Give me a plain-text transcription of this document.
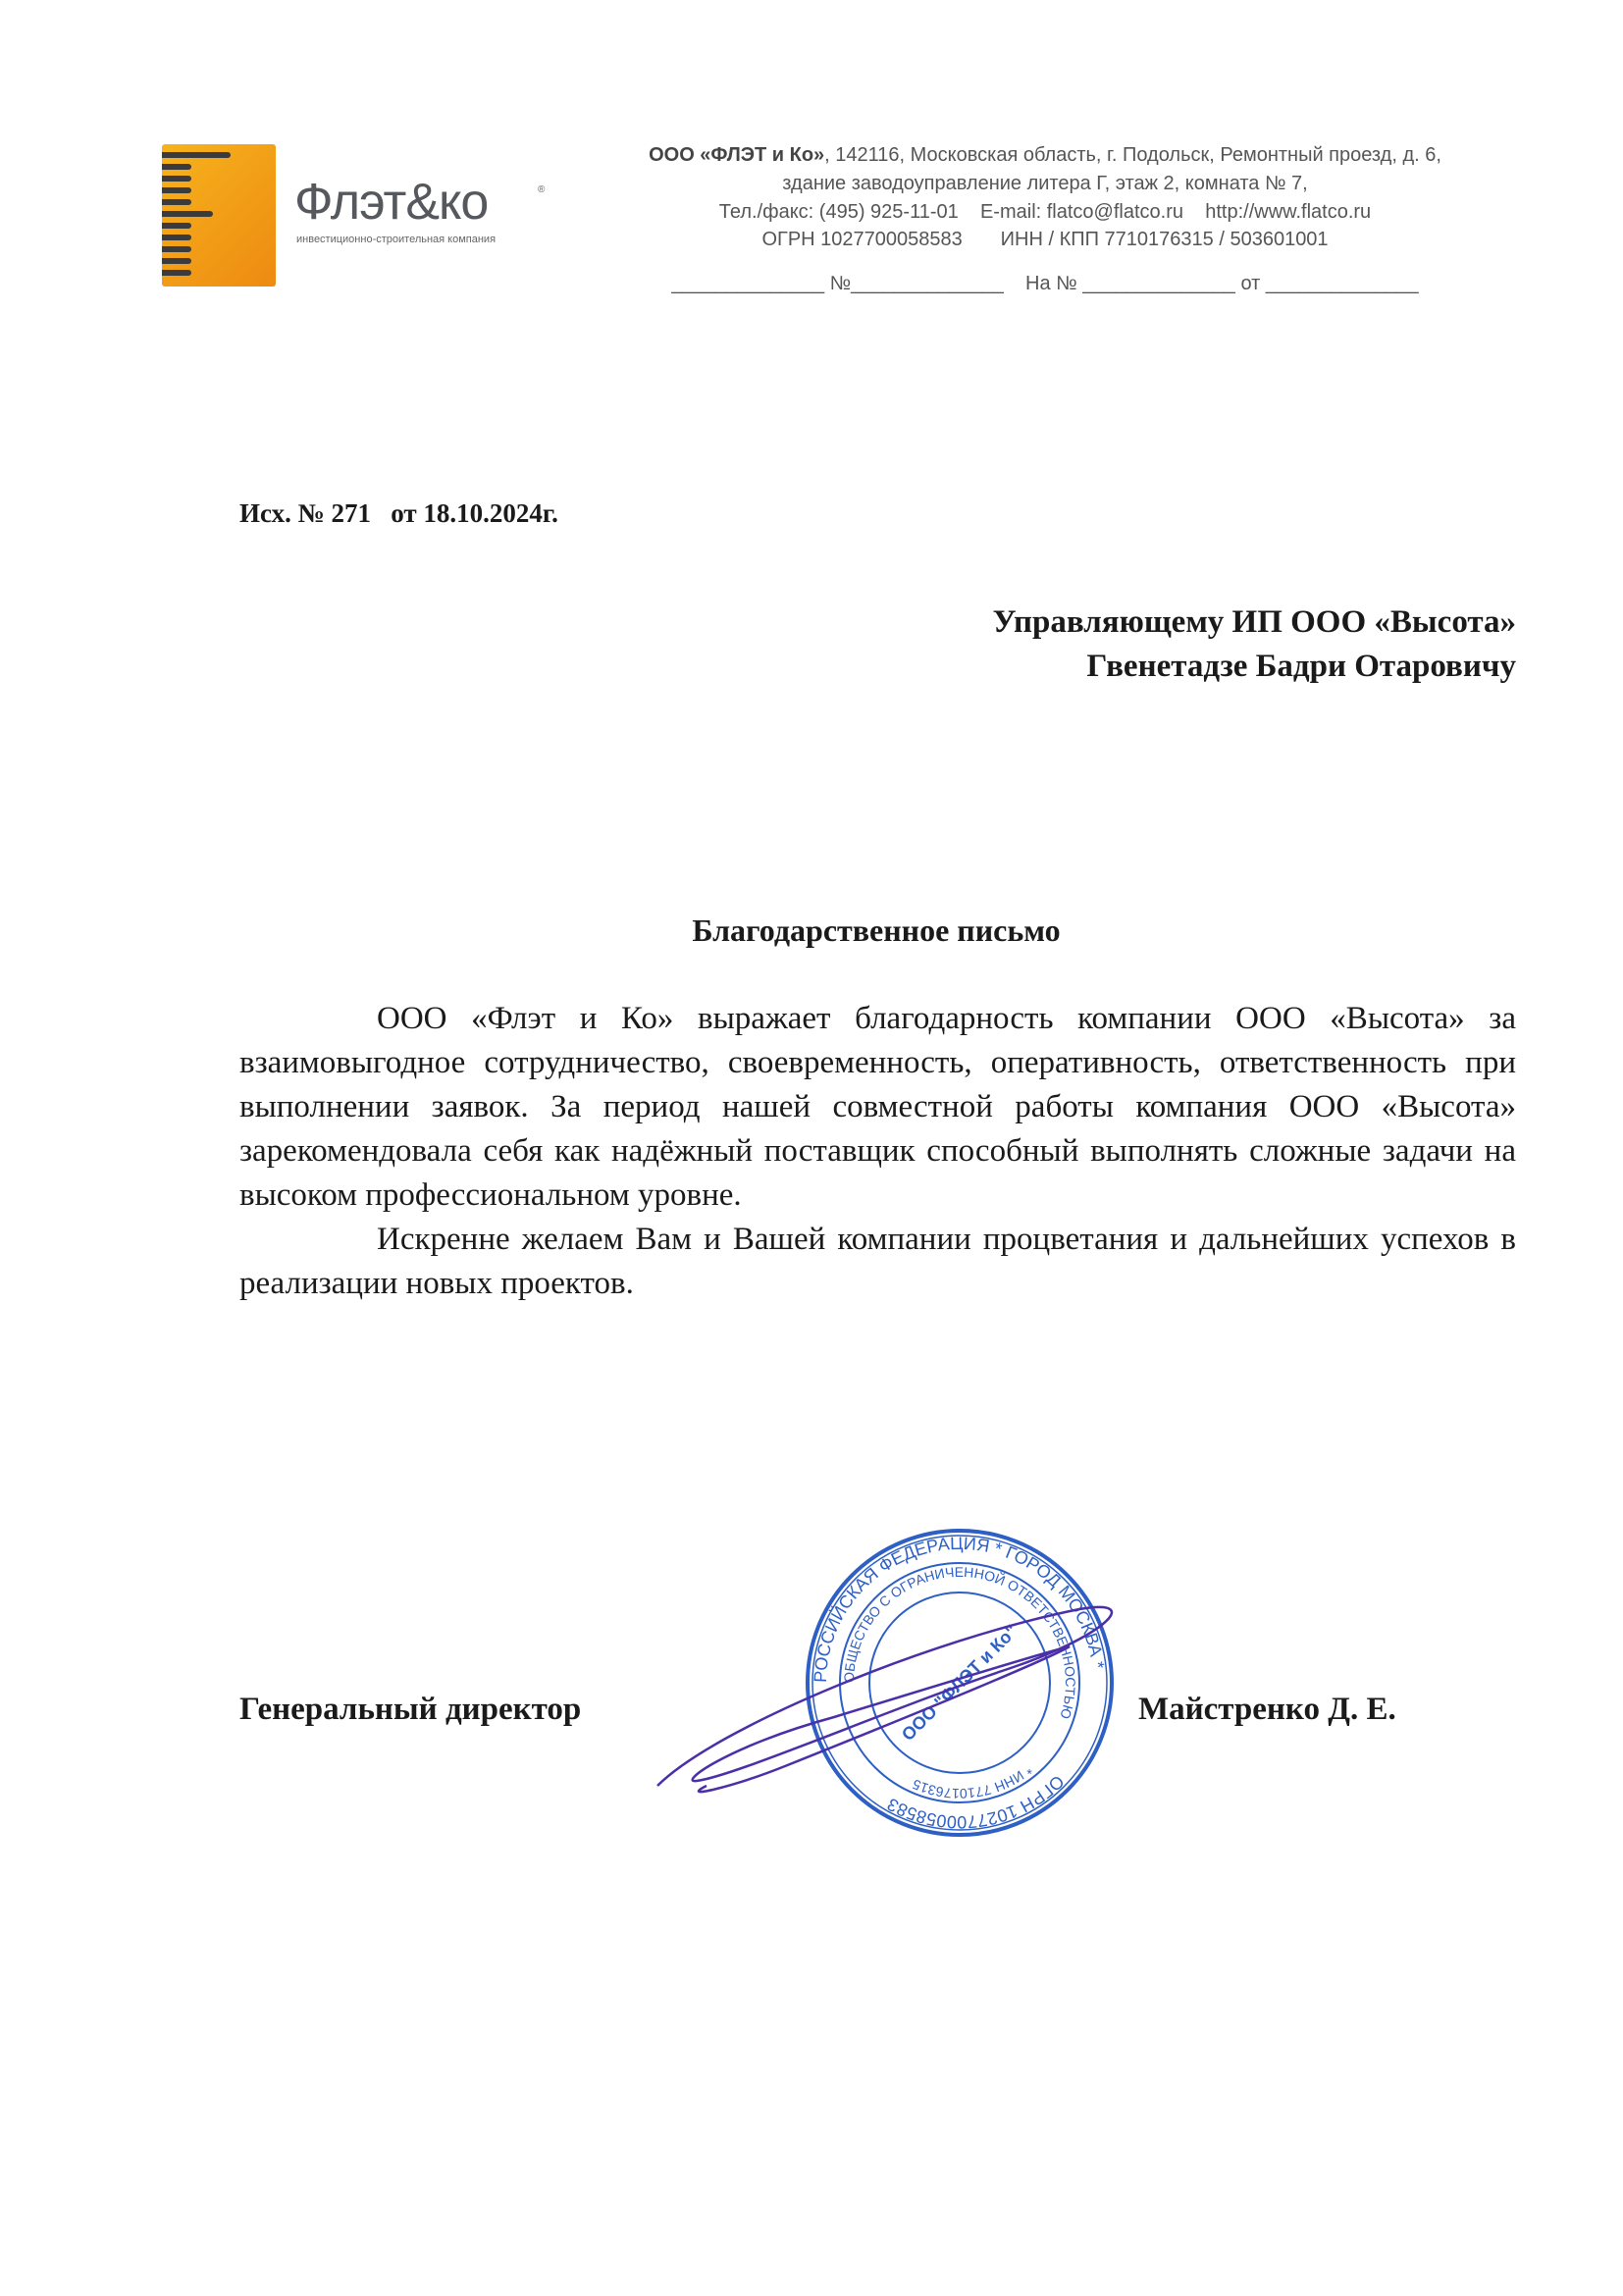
Флэт&ко	®
инвестиционно-строительная компания
ООО «ФЛЭТ и Ко», 142116, Московская область, г. Подольск, Ремонтный проезд, д. 6,
здание заводоуправление литера Г, этаж 2, комната № 7,
Тел./факс: (495) 925-11-01    E-mail: flatco@flatco.ru    http://www.flatco.ru
ОГРН 1027700058583       ИНН / КПП 7710176315 / 503601001
______________ №______________    На № ______________ от ______________
Исх. № 271   от 18.10.2024г.
Управляющему ИП ООО «Высота»
Гвенетадзе Бадри Отаровичу
Благодарственное письмо

ООО «Флэт и Ко» выражает благодарность компании ООО «Высота» за взаимовыгодное сотрудничество, своевременность, оперативность, ответственность при выполнении заявок. За период нашей совместной работы компания ООО «Высота» зарекомендовала себя как надёжный поставщик способный выполнять сложные задачи на высоком профессиональном уровне.

Искренне желаем Вам и Вашей компании процветания и дальнейших успехов в реализации новых проектов.

Генеральный директор	Майстренко Д. Е.
РОССИЙСКАЯ ФЕДЕРАЦИЯ * ГОРОД МОСКВА *
ОГРН 1027700058583
ОБЩЕСТВО С ОГРАНИЧЕННОЙ ОТВЕТСТВЕННОСТЬЮ
* ИНН 7710176315
ООО "ФЛЭТ и Ко"
